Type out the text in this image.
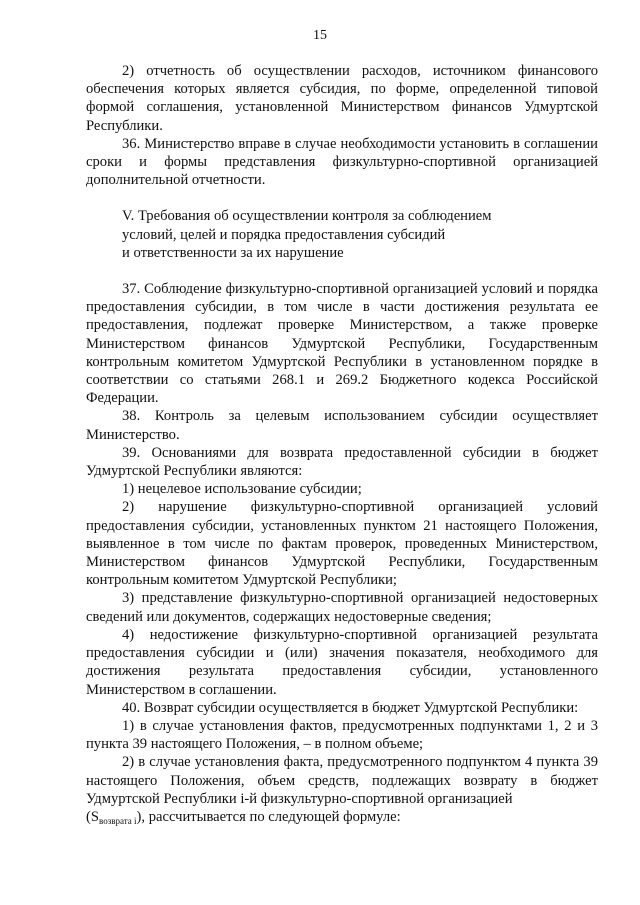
15

2) отчетность об осуществлении расходов, источником финансового обеспечения которых является субсидия, по форме, определенной типовой формой соглашения, установленной Министерством финансов Удмуртской Республики.

36. Министерство вправе в случае необходимости установить в соглашении сроки и формы представления физкультурно-спортивной организацией дополнительной отчетности.

V. Требования об осуществлении контроля за соблюдением

условий, целей и порядка предоставления субсидий

и ответственности за их нарушение

37. Соблюдение физкультурно-спортивной организацией условий и порядка предоставления субсидии, в том числе в части достижения результата ее предоставления, подлежат проверке Министерством, а также проверке Министерством финансов Удмуртской Республики, Государственным контрольным комитетом Удмуртской Республики в установленном порядке в соответствии со статьями 268.1 и 269.2 Бюджетного кодекса Российской Федерации.

38. Контроль за целевым использованием субсидии осуществляет Министерство.

39. Основаниями для возврата предоставленной субсидии в бюджет Удмуртской Республики являются:

1) нецелевое использование субсидии;

2) нарушение физкультурно-спортивной организацией условий предоставления субсидии, установленных пунктом 21 настоящего Положения, выявленное в том числе по фактам проверок, проведенных Министерством, Министерством финансов Удмуртской Республики, Государственным контрольным комитетом Удмуртской Республики;

3) представление физкультурно-спортивной организацией недостоверных сведений или документов, содержащих недостоверные сведения;

4) недостижение физкультурно-спортивной организацией результата предоставления субсидии и (или) значения показателя, необходимого для достижения результата предоставления субсидии, установленного Министерством в соглашении.

40. Возврат субсидии осуществляется в бюджет Удмуртской Республики:

1) в случае установления фактов, предусмотренных подпунктами 1, 2 и 3 пункта 39 настоящего Положения, – в полном объеме;

2) в случае установления факта, предусмотренного подпунктом 4 пункта 39 настоящего Положения, объем средств, подлежащих возврату в бюджет Удмуртской Республики i-й физкультурно-спортивной организацией

$(S_{возврата i})$, рассчитывается по следующей формуле:
